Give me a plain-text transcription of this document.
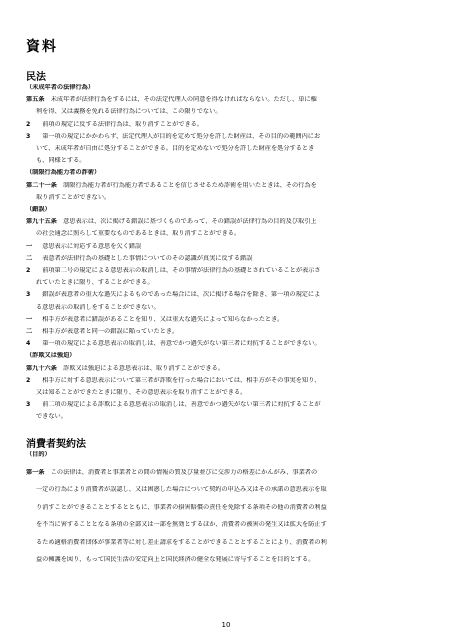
資料
民法
（未成年者の法律行為）
第五条　 未成年者が法律行為をするには、その法定代理人の同意を得なければならない。ただし、単に権
利を得、又は義務を免れる法律行為については、この限りでない。
2　 前項の規定に反する法律行為は、取り消すことができる。
3　 第一項の規定にかかわらず、法定代理人が目的を定めて処分を許した財産は、その目的の範囲内にお
いて、未成年者が自由に処分することができる。目的を定めないで処分を許した財産を処分するとき
も、同様とする。
（制限行為能力者の詐術）
第二十一条　 制限行為能力者が行為能力者であることを信じさせるため詐術を用いたときは、その行為を
取り消すことができない。
（錯誤）
第九十五条　 意思表示は、次に掲げる錯誤に基づくものであって、その錯誤が法律行為の目的及び取引上
の社会通念に照らして重要なものであるときは、取り消すことができる。
一　 意思表示に対応する意思を欠く錯誤
二　 表意者が法律行為の基礎とした事情についてのその認識が真実に反する錯誤
2　 前項第二号の規定による意思表示の取消しは、その事情が法律行為の基礎とされていることが表示さ
れていたときに限り、することができる。
3　 錯誤が表意者の重大な過失によるものであった場合には、次に掲げる場合を除き、第一項の規定によ
る意思表示の取消しをすることができない。
一　 相手方が表意者に錯誤があることを知り、又は重大な過失によって知らなかったとき。
二　 相手方が表意者と同一の錯誤に陥っていたとき。
4　 第一項の規定による意思表示の取消しは、善意でかつ過失がない第三者に対抗することができない。
（詐欺又は強迫）
第九十六条　 詐欺又は強迫による意思表示は、取り消すことができる。
2　 相手方に対する意思表示について第三者が詐欺を行った場合においては、相手方がその事実を知り、
又は知ることができたときに限り、その意思表示を取り消すことができる。
3　 前二項の規定による詐欺による意思表示の取消しは、善意でかつ過失がない第三者に対抗することが
できない。
消費者契約法
（目的）
第一条　 この法律は、消費者と事業者との間の情報の質及び量並びに交渉力の格差にかんがみ、事業者の
一定の行為により消費者が誤認し、又は困惑した場合について契約の申込み又はその承諾の意思表示を取
り消すことができることとするとともに、事業者の損害賠償の責任を免除する条項その他の消費者の利益
を不当に害することとなる条項の全部又は一部を無効とするほか、消費者の被害の発生又は拡大を防止す
るため適格消費者団体が事業者等に対し差止請求をすることができることとすることにより、消費者の利
益の擁護を図り、もって国民生活の安定向上と国民経済の健全な発展に寄与することを目的とする。
10
